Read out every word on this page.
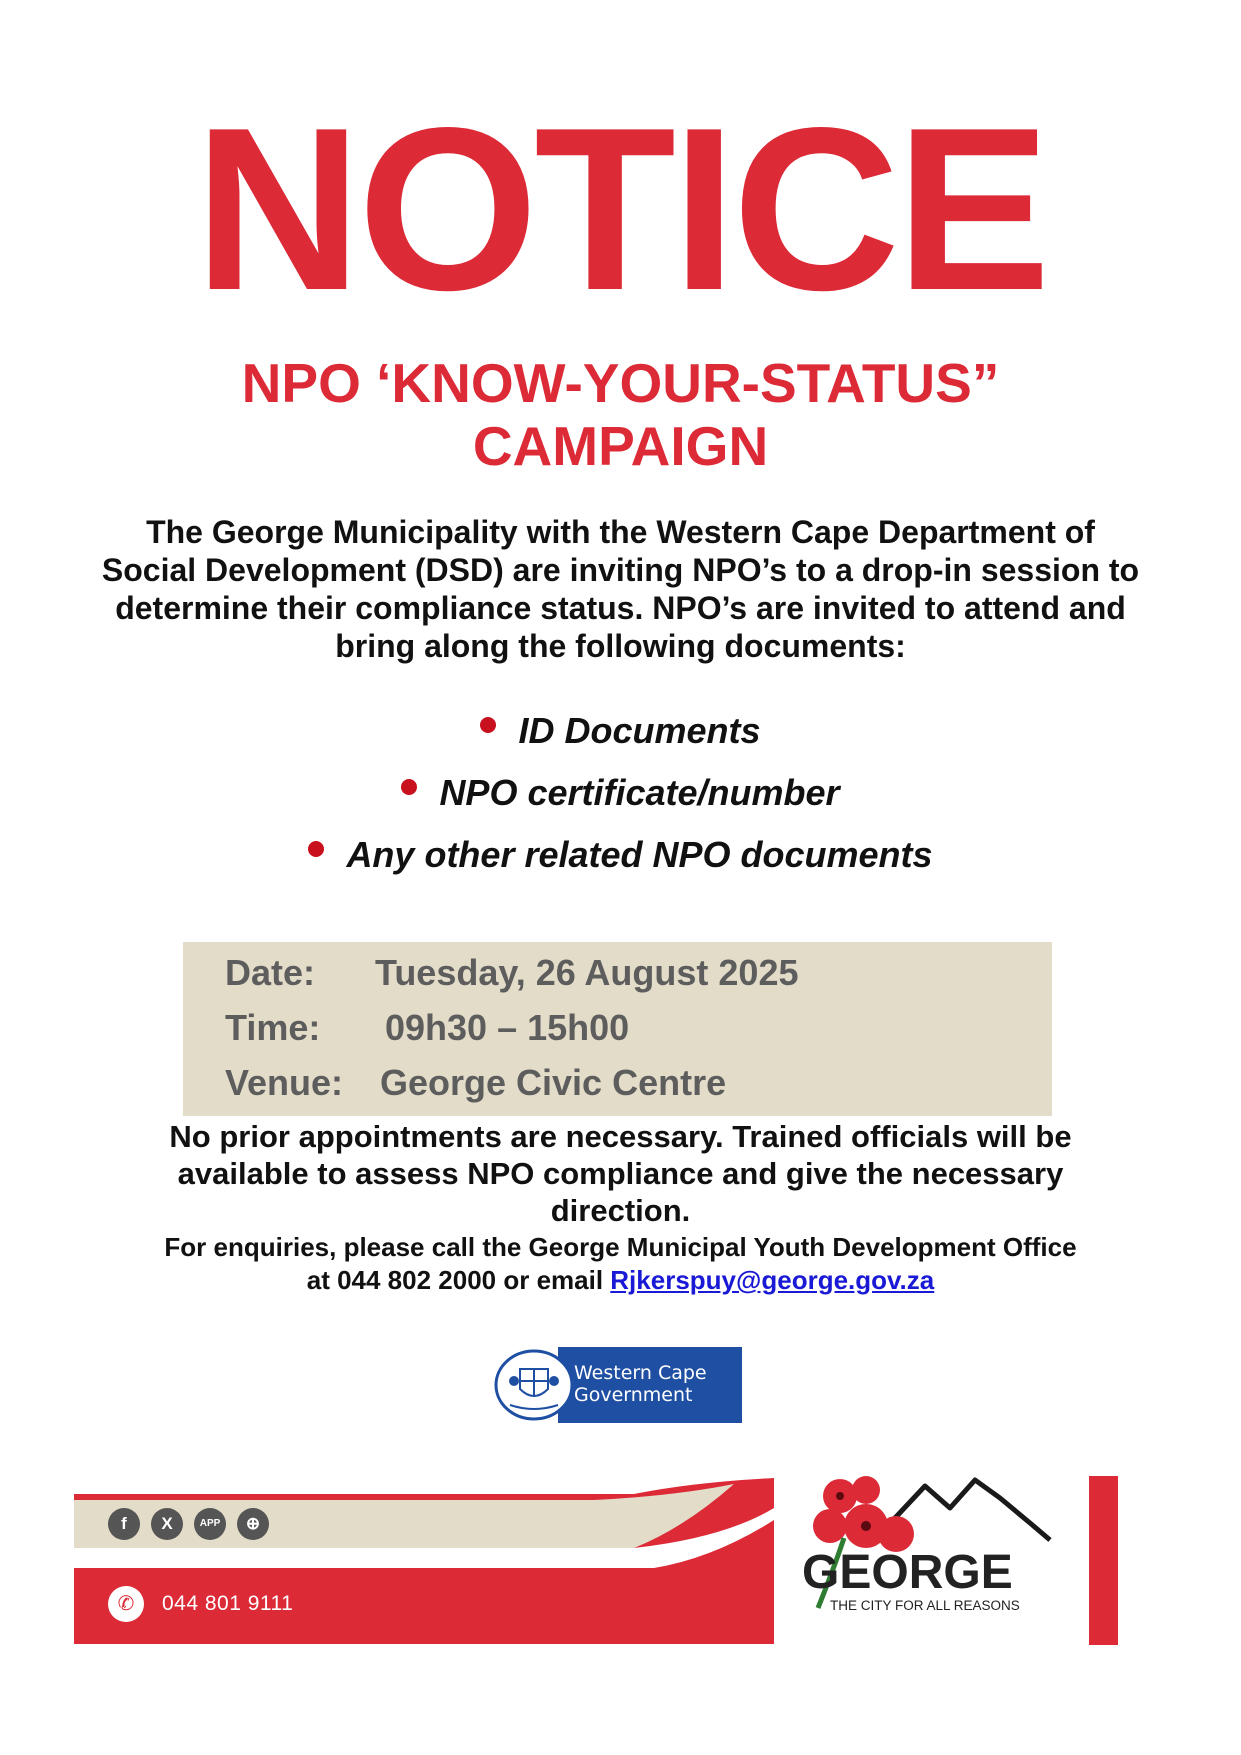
NOTICE
NPO ‘KNOW-YOUR-STATUS”
CAMPAIGN
The George Municipality with the Western Cape Department of
Social Development (DSD) are inviting NPO’s to a drop-in session to
determine their compliance status. NPO’s are invited to attend and
bring along the following documents:
ID Documents
NPO certificate/number
Any other related NPO documents
Date: Tuesday, 26 August 2025
Time: 09h30 – 15h00
Venue: George Civic Centre
No prior appointments are necessary. Trained officials will be
available to assess NPO compliance and give the necessary
direction.
For enquiries, please call the George Municipal Youth Development Office
at 044 802 2000 or email Rjkerspuy@george.gov.za
Western Cape
Government
f X	APP ⊕
✆ 044 801 9111
GEORGE
THE CITY FOR ALL REASONS
